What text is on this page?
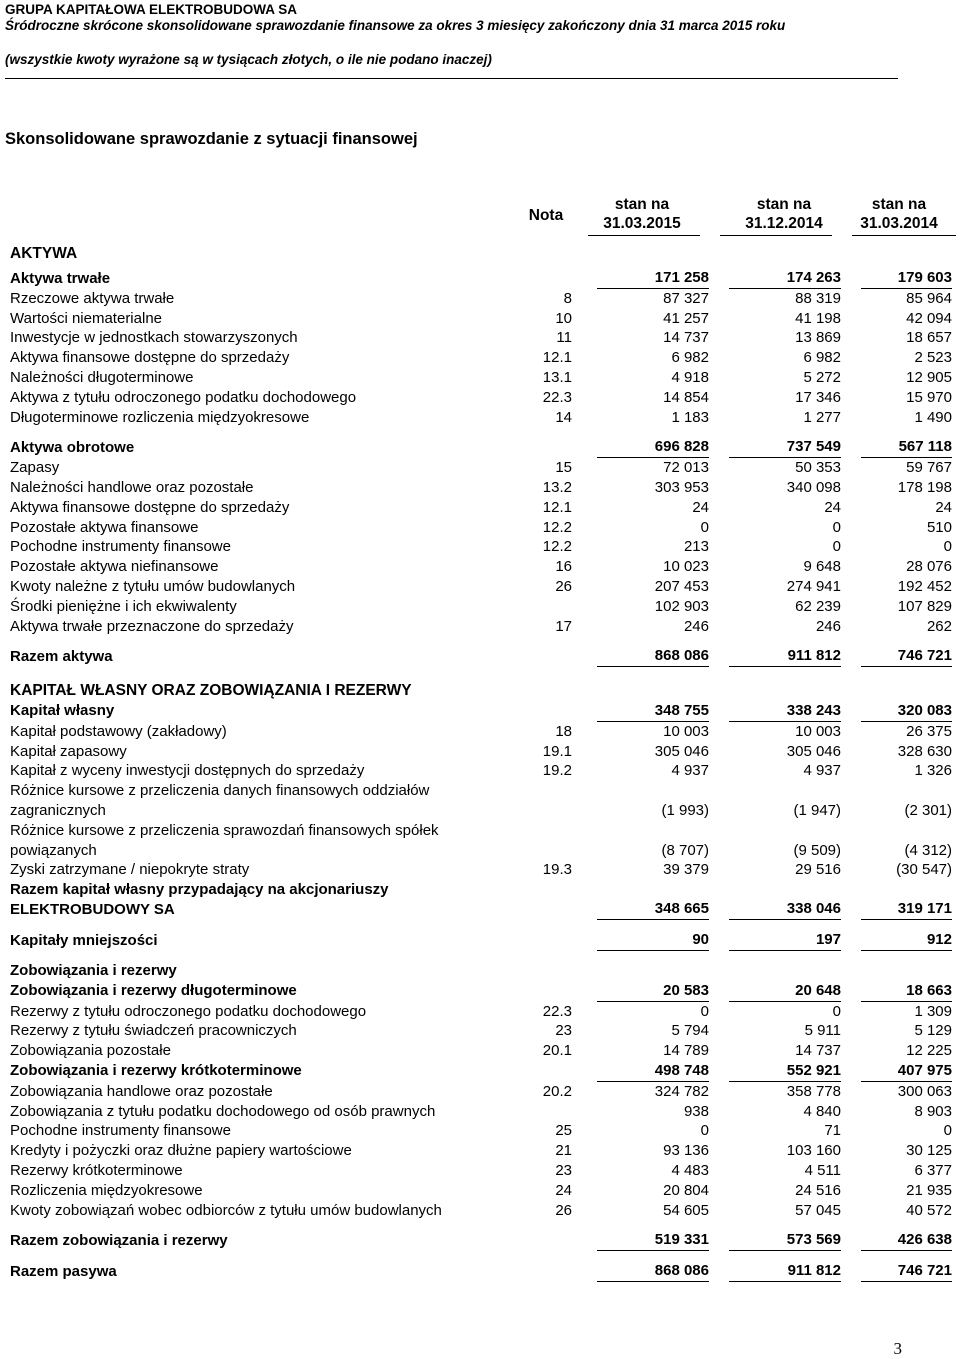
GRUPA KAPITAŁOWA ELEKTROBUDOWA SA
Śródroczne skrócone skonsolidowane sprawozdanie finansowe za okres 3 miesięcy zakończony dnia 31 marca 2015 roku
(wszystkie kwoty wyrażone są w tysiącach złotych, o ile nie podano inaczej)
Skonsolidowane sprawozdanie z sytuacji finansowej
Nota
stan na
31.03.2015
stan na
31.12.2014
stan na
31.03.2014
AKTYWA
Aktywa trwałe			171 258		174 263		179 603
Rzeczowe aktywa trwałe	8		87 327		88 319		85 964
Wartości niematerialne	10		41 257		41 198		42 094
Inwestycje w jednostkach stowarzyszonych	11		14 737		13 869		18 657
Aktywa finansowe dostępne do sprzedaży	12.1		6 982		6 982		2 523
Należności długoterminowe	13.1		4 918		5 272		12 905
Aktywa z tytułu odroczonego podatku dochodowego	22.3		14 854		17 346		15 970
Długoterminowe rozliczenia międzyokresowe	14		1 183		1 277		1 490

Aktywa obrotowe			696 828		737 549		567 118
Zapasy	15		72 013		50 353		59 767
Należności handlowe oraz pozostałe	13.2		303 953		340 098		178 198
Aktywa finansowe dostępne do sprzedaży	12.1		24		24		24
Pozostałe aktywa finansowe	12.2		0		0		510
Pochodne instrumenty finansowe	12.2		213		0		0
Pozostałe aktywa niefinansowe	16		10 023		9 648		28 076
Kwoty należne z tytułu umów budowlanych	26		207 453		274 941		192 452
Środki pieniężne i ich ekwiwalenty			102 903		62 239		107 829
Aktywa trwałe przeznaczone do sprzedaży	17		246		246		262

Razem aktywa			868 086		911 812		746 721

KAPITAŁ WŁASNY ORAZ ZOBOWIĄZANIA I REZERWY							
Kapitał własny			348 755		338 243		320 083
Kapitał podstawowy (zakładowy)	18		10 003		10 003		26 375
Kapitał zapasowy	19.1		305 046		305 046		328 630
Kapitał z wyceny inwestycji dostępnych do sprzedaży	19.2		4 937		4 937		1 326
Różnice kursowe z przeliczenia danych finansowych oddziałów zagranicznych			(1 993)		(1 947)		(2 301)
Różnice kursowe z przeliczenia sprawozdań finansowych spółek powiązanych			(8 707)		(9 509)		(4 312)
Zyski zatrzymane / niepokryte straty	19.3		39 379		29 516		(30 547)
Razem kapitał własny przypadający na akcjonariuszy ELEKTROBUDOWY SA			348 665		338 046		319 171

Kapitały mniejszości			90		197		912

Zobowiązania i rezerwy							
Zobowiązania i rezerwy długoterminowe			20 583		20 648		18 663
Rezerwy z tytułu odroczonego podatku dochodowego	22.3		0		0		1 309
Rezerwy z tytułu świadczeń pracowniczych	23		5 794		5 911		5 129
Zobowiązania pozostałe	20.1		14 789		14 737		12 225
Zobowiązania i rezerwy krótkoterminowe			498 748		552 921		407 975
Zobowiązania handlowe oraz pozostałe	20.2		324 782		358 778		300 063
Zobowiązania z tytułu podatku dochodowego od osób prawnych			938		4 840		8 903
Pochodne instrumenty finansowe	25		0		71		0
Kredyty i pożyczki oraz dłużne papiery wartościowe	21		93 136		103 160		30 125
Rezerwy krótkoterminowe	23		4 483		4 511		6 377
Rozliczenia międzyokresowe	24		20 804		24 516		21 935
Kwoty zobowiązań wobec odbiorców z tytułu umów budowlanych	26		54 605		57 045		40 572

Razem zobowiązania i rezerwy			519 331		573 569		426 638

Razem pasywa			868 086		911 812		746 721
3
